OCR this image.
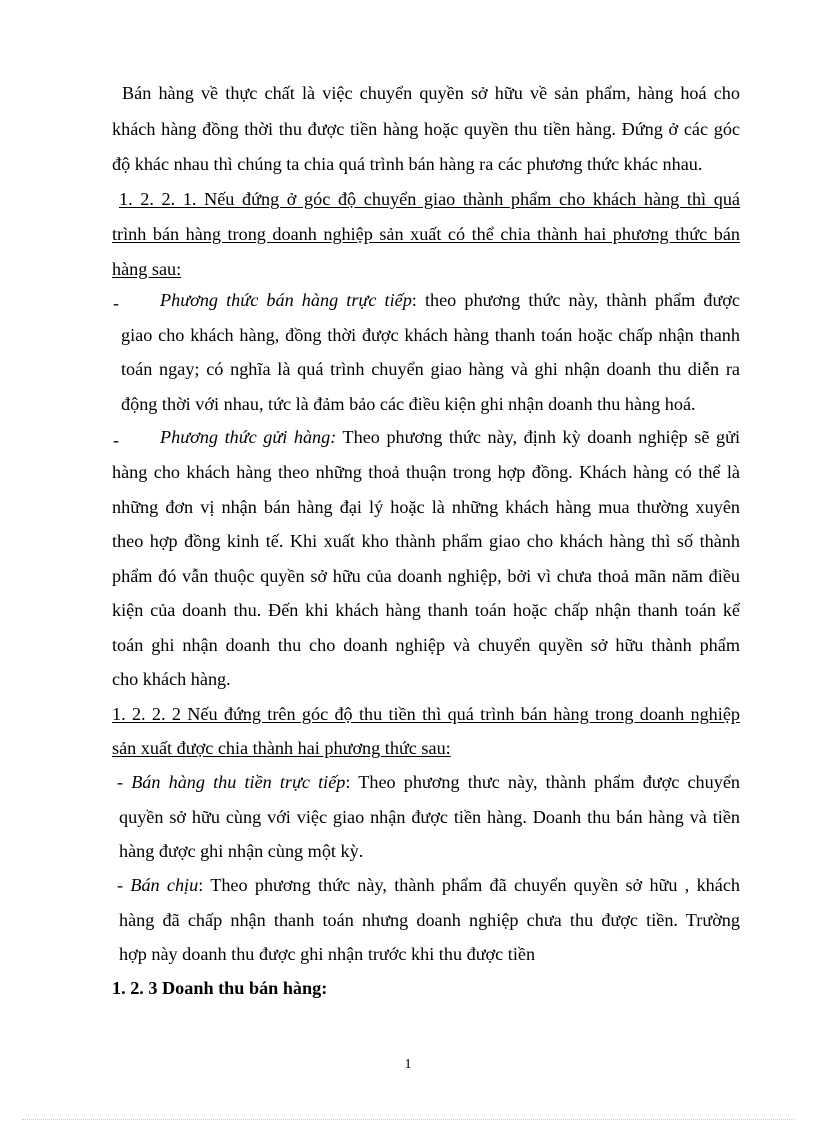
Bán hàng về thực chất là việc chuyển quyền sở hữu về sản phẩm, hàng hoá cho
khách hàng đồng thời thu được tiền hàng hoặc quyền thu tiền hàng. Đứng ở các góc
độ khác nhau thì chúng ta chia quá trình bán hàng ra các phương thức khác nhau.
1. 2. 2. 1. Nếu đứng ở góc độ chuyển giao thành phẩm cho khách hàng thì quá
trình bán hàng trong doanh nghiệp sản xuất có thể chia thành hai phương thức bán
hàng sau:
- Phương thức bán hàng trực tiếp: theo phương thức này, thành phẩm được
giao cho khách hàng, đồng thời được khách hàng thanh toán hoặc chấp nhận thanh
toán ngay; có nghĩa là quá trình chuyển giao hàng và ghi nhận doanh thu diễn ra
động thời với nhau, tức là đảm bảo các điều kiện ghi nhận doanh thu hàng hoá.
- Phương thức gửi hàng: Theo phương thức này, định kỳ doanh nghiệp sẽ gửi
hàng cho khách hàng theo những thoả thuận trong hợp đồng. Khách hàng có thể là
những đơn vị nhận bán hàng đại lý hoặc là những khách hàng mua thường xuyên
theo hợp đồng kinh tế. Khi xuất kho thành phẩm giao cho khách hàng thì số thành
phẩm đó vẫn thuộc quyền sở hữu của doanh nghiệp, bởi vì chưa thoả mãn năm điều
kiện của doanh thu. Đến khi khách hàng thanh toán hoặc chấp nhận thanh toán kế
toán ghi nhận doanh thu cho doanh nghiệp và chuyển quyền sở hữu thành phẩm
cho khách hàng.
1. 2. 2. 2 Nếu đứng trên góc độ thu tiền thì quá trình bán hàng trong doanh nghiệp
sản xuất được chia thành hai phương thức sau:
- Bán hàng thu tiền trực tiếp: Theo phương thưc này, thành phẩm được chuyển
quyền sở hữu cùng với việc giao nhận được tiền hàng. Doanh thu bán hàng và tiền
hàng được ghi nhận cùng một kỳ.
- Bán chịu: Theo phương thức này, thành phẩm đã chuyển quyền sở hữu , khách
hàng đã chấp nhận thanh toán nhưng doanh nghiệp chưa thu được tiền. Trường
hợp này doanh thu được ghi nhận trước khi thu được tiền
1. 2. 3 Doanh thu bán hàng:
1
